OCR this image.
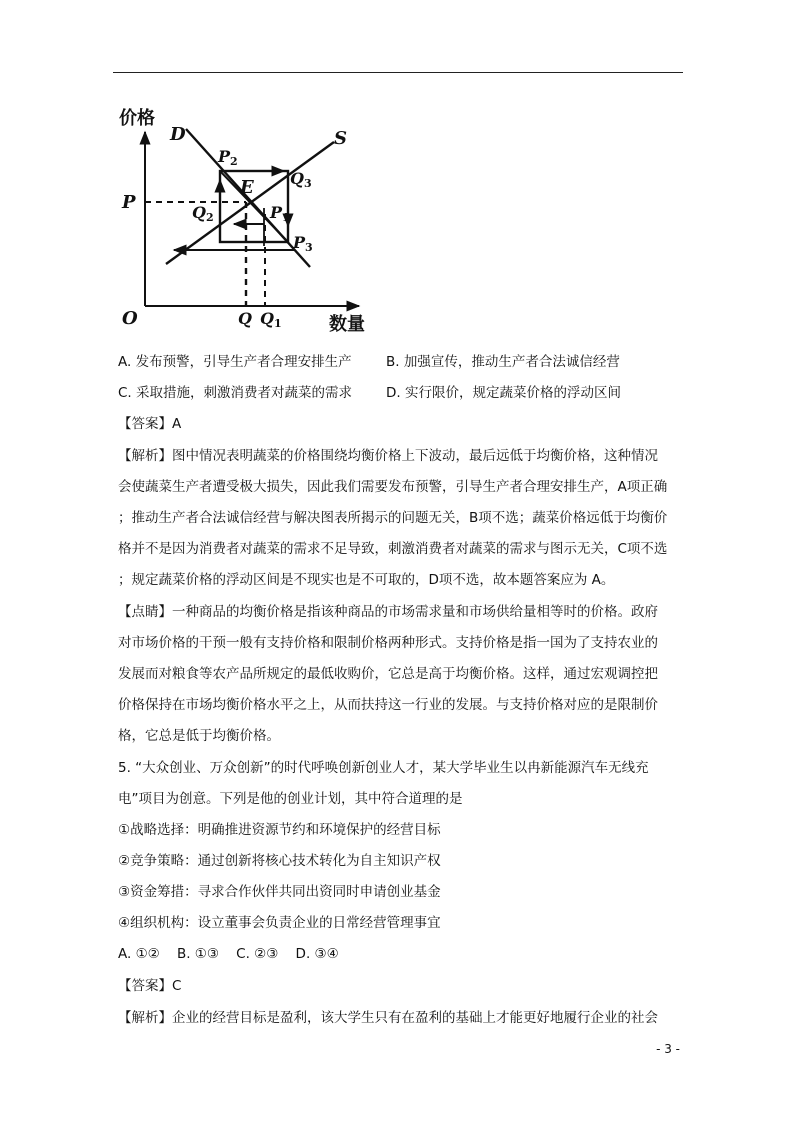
价格
数量
O
P
D	S
E
P2
Q3
Q2	P1
P3
Q Q1
A. 发布预警，引导生产者合理安排生产	B. 加强宣传，推动生产者合法诚信经营
C. 采取措施，刺激消费者对蔬菜的需求	D. 实行限价，规定蔬菜价格的浮动区间
【答案】A
【解析】图中情况表明蔬菜的价格围绕均衡价格上下波动，最后远低于均衡价格，这种情况
会使蔬菜生产者遭受极大损失，因此我们需要发布预警，引导生产者合理安排生产，A项正确
；推动生产者合法诚信经营与解决图表所揭示的问题无关，B项不选；蔬菜价格远低于均衡价
格并不是因为消费者对蔬菜的需求不足导致，刺激消费者对蔬菜的需求与图示无关，C项不选
；规定蔬菜价格的浮动区间是不现实也是不可取的，D项不选，故本题答案应为 A。
【点睛】一种商品的均衡价格是指该种商品的市场需求量和市场供给量相等时的价格。政府
对市场价格的干预一般有支持价格和限制价格两种形式。支持价格是指一国为了支持农业的
发展而对粮食等农产品所规定的最低收购价，它总是高于均衡价格。这样，通过宏观调控把
价格保持在市场均衡价格水平之上，从而扶持这一行业的发展。与支持价格对应的是限制价
格，它总是低于均衡价格。
5. “大众创业、万众创新”的时代呼唤创新创业人才，某大学毕业生以冉新能源汽车无线充
电”项目为创意。下列是他的创业计划，其中符合道理的是
①战略选择：明确推进资源节约和环境保护的经营目标
②竞争策略：通过创新将核心技术转化为自主知识产权
③资金筹措：寻求合作伙伴共同出资同时申请创业基金
④组织机构：设立董事会负责企业的日常经营管理事宜
A. ①②    B. ①③    C. ②③    D. ③④
【答案】C
【解析】企业的经营目标是盈利，该大学生只有在盈利的基础上才能更好地履行企业的社会
- 3 -
